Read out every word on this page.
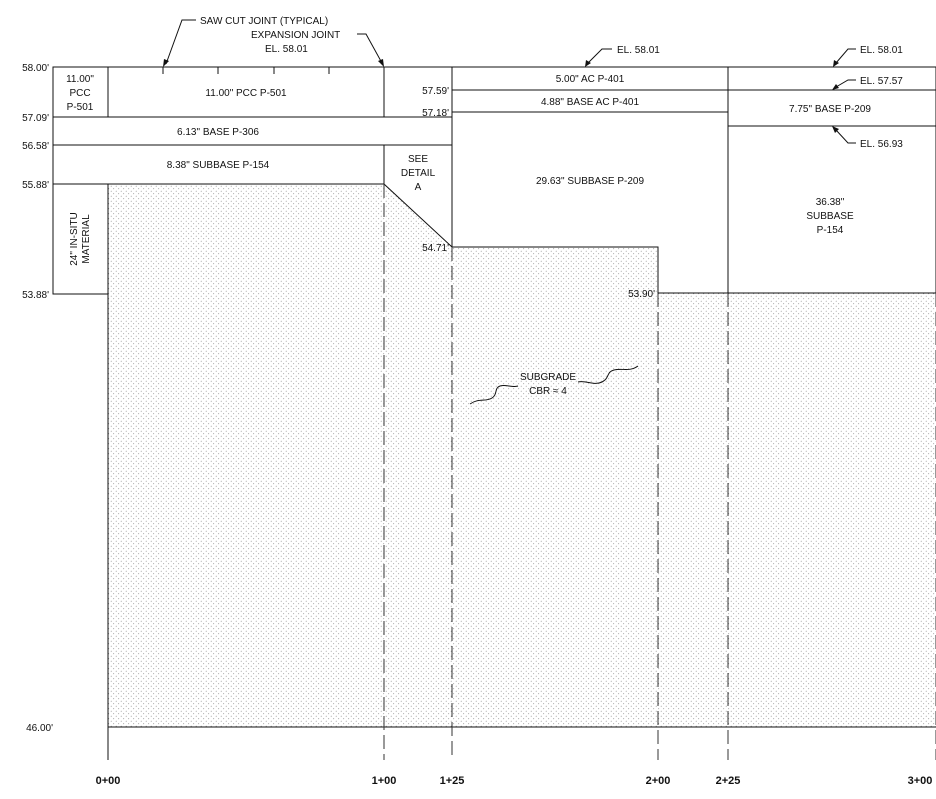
58.00'
57.09'
56.58'
55.88'
53.88'
46.00'
0+00	1+00	1+25	2+00	2+25	3+00
11.00"
PCC
P-501
11.00" PCC P-501
6.13" BASE P-306
8.38" SUBBASE P-154
24" IN-SITU MATERIAL
SEE
DETAIL
A
5.00" AC P-401
4.88" BASE AC P-401
29.63" SUBBASE P-209
7.75" BASE P-209
36.38"
SUBBASE
P-154
SUBGRADE
CBR ≈ 4
57.59'
57.18'
54.71'
53.90'
SAW CUT JOINT (TYPICAL)
EXPANSION JOINT
EL. 58.01	EL. 58.01	EL. 58.01
EL. 57.57
EL. 56.93
